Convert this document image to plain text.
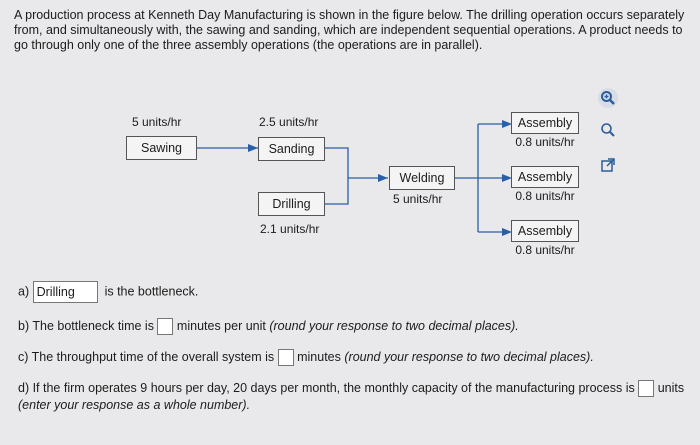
A production process at Kenneth Day Manufacturing is shown in the figure below. The drilling operation occurs separately from, and simultaneously with, the sawing and sanding, which are independent sequential operations. A product needs to go through only one of the three assembly operations (the operations are in parallel).

5 units/hr
Sawing
2.5 units/hr
Sanding
Drilling
2.1 units/hr
Welding
5 units/hr
Assembly
0.8 units/hr
Assembly
0.8 units/hr
Assembly
0.8 units/hr
a) Drilling is the bottleneck.
b) The bottleneck time is minutes per unit (round your response to two decimal places).
c) The throughput time of the overall system is minutes (round your response to two decimal places).
d) If the firm operates 9 hours per day, 20 days per month, the monthly capacity of the manufacturing process is units
(enter your response as a whole number).
